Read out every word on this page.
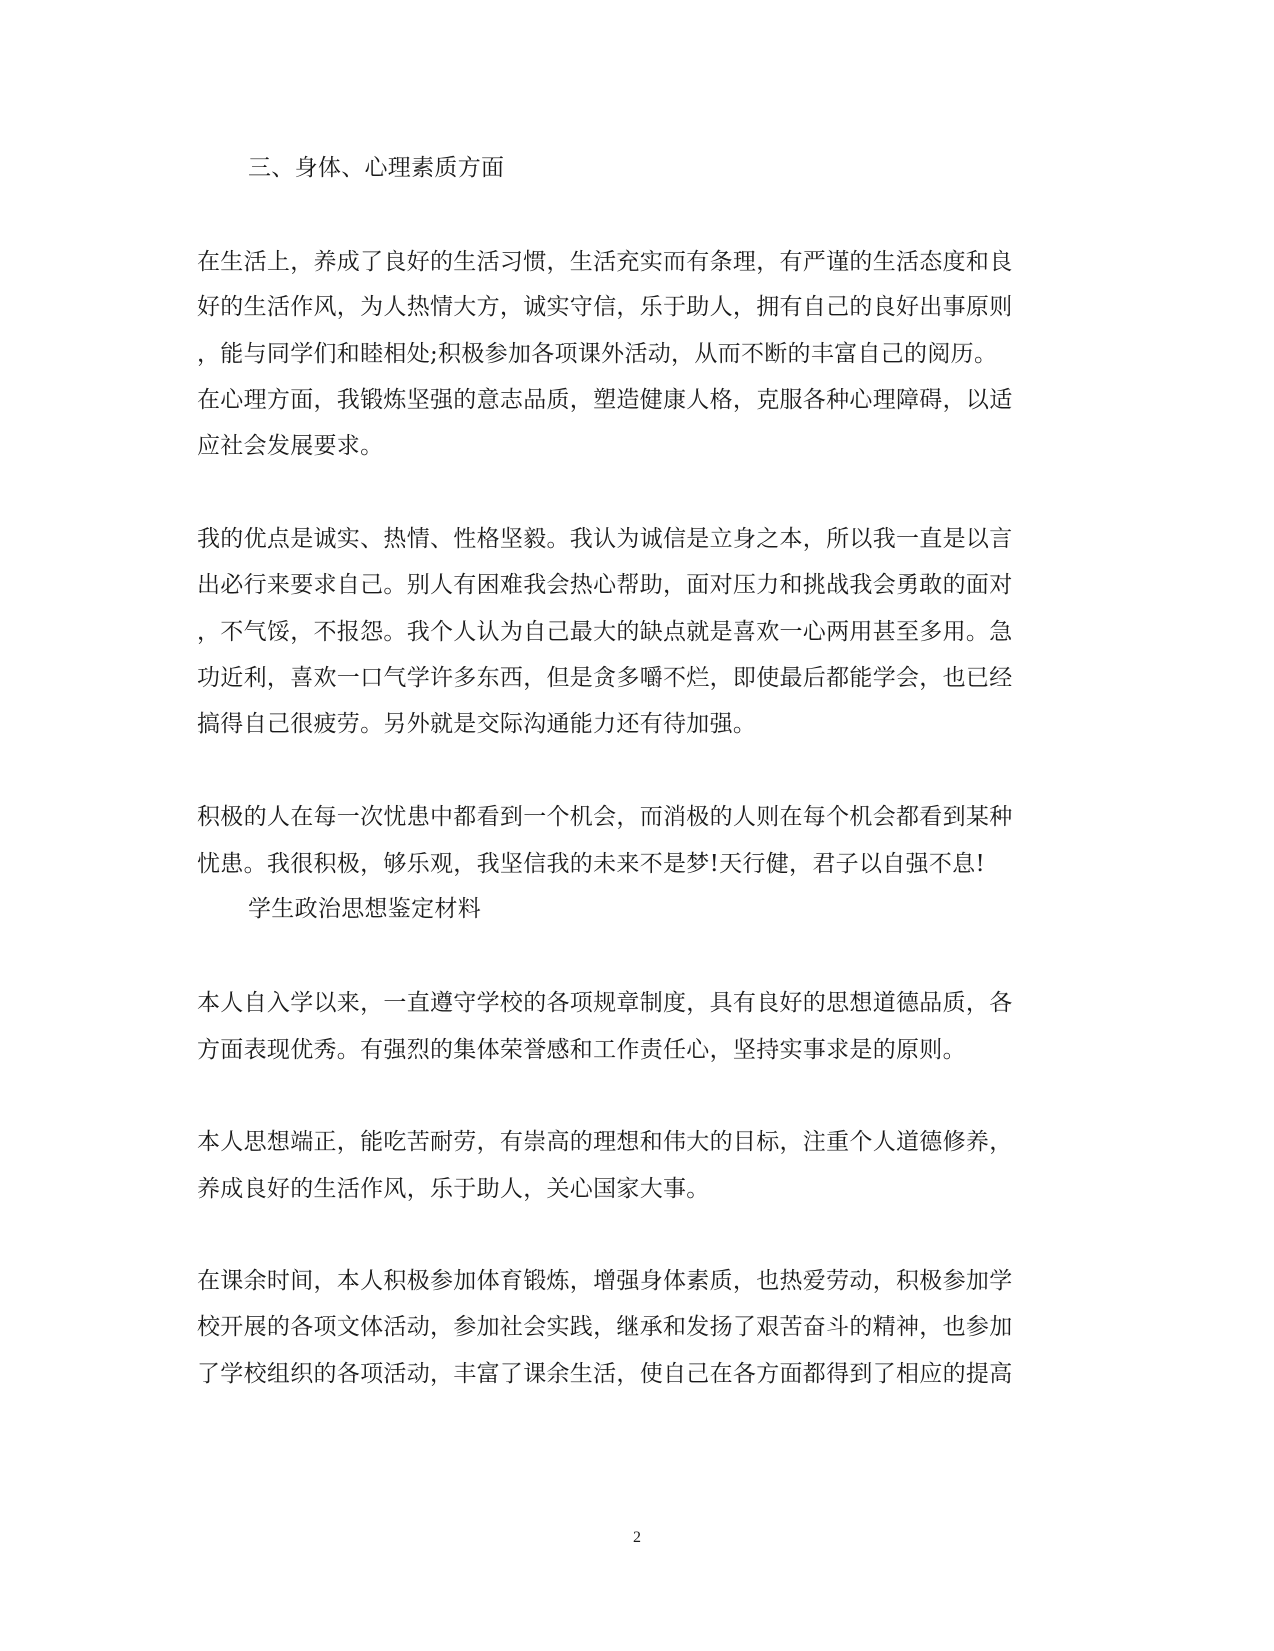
三、身体、心理素质方面
在生活上，养成了良好的生活习惯，生活充实而有条理，有严谨的生活态度和良
好的生活作风，为人热情大方，诚实守信，乐于助人，拥有自己的良好出事原则
，能与同学们和睦相处;积极参加各项课外活动，从而不断的丰富自己的阅历。
在心理方面，我锻炼坚强的意志品质，塑造健康人格，克服各种心理障碍，以适
应社会发展要求。
我的优点是诚实、热情、性格坚毅。我认为诚信是立身之本，所以我一直是以言
出必行来要求自己。别人有困难我会热心帮助，面对压力和挑战我会勇敢的面对
，不气馁，不报怨。我个人认为自己最大的缺点就是喜欢一心两用甚至多用。急
功近利，喜欢一口气学许多东西，但是贪多嚼不烂，即使最后都能学会，也已经
搞得自己很疲劳。另外就是交际沟通能力还有待加强。
积极的人在每一次忧患中都看到一个机会，而消极的人则在每个机会都看到某种
忧患。我很积极，够乐观，我坚信我的未来不是梦!天行健，君子以自强不息!
学生政治思想鉴定材料
本人自入学以来，一直遵守学校的各项规章制度，具有良好的思想道德品质，各
方面表现优秀。有强烈的集体荣誉感和工作责任心，坚持实事求是的原则。
本人思想端正，能吃苦耐劳，有崇高的理想和伟大的目标，注重个人道德修养，
养成良好的生活作风，乐于助人，关心国家大事。
在课余时间，本人积极参加体育锻炼，增强身体素质，也热爱劳动，积极参加学
校开展的各项文体活动，参加社会实践，继承和发扬了艰苦奋斗的精神，也参加
了学校组织的各项活动，丰富了课余生活，使自己在各方面都得到了相应的提高
2
